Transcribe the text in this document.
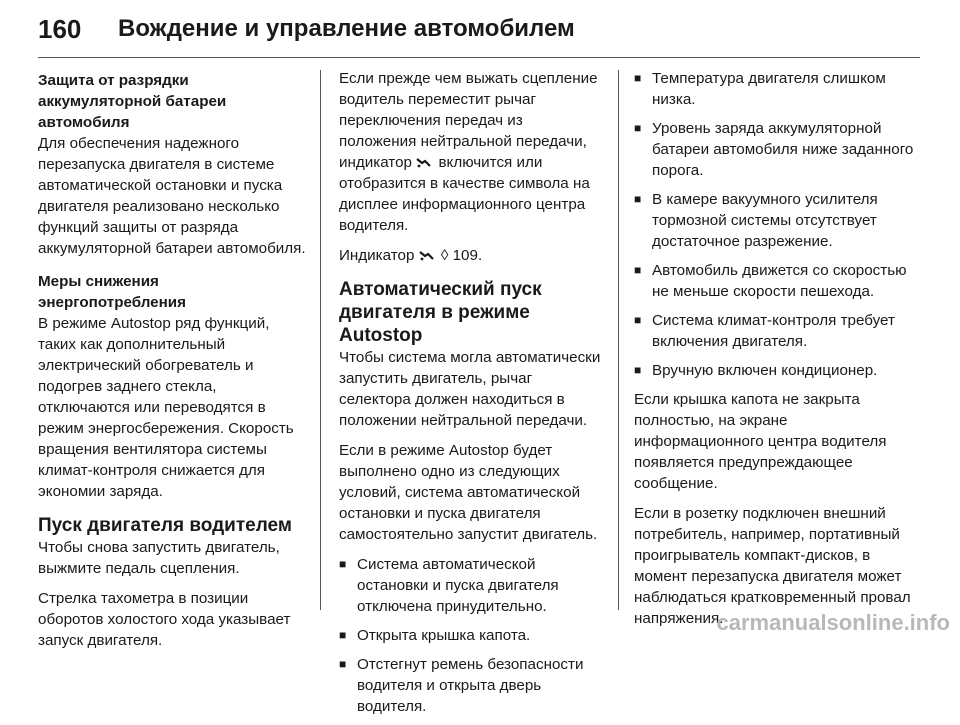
160 Вождение и управление автомобилем

Защита от разрядки аккумуляторной батареи автомобиля

Для обеспечения надежного перезапуска двигателя в системе автоматической остановки и пуска двигателя реализовано несколько функций защиты от разряда аккумуляторной батареи автомобиля.

Меры снижения энергопотребления

В режиме Autostop ряд функций, таких как дополнительный электрический обогреватель и подогрев заднего стекла, отключаются или переводятся в режим энергосбережения. Скорость вращения вентилятора системы климат-контроля снижается для экономии заряда.

Пуск двигателя водителем

Чтобы снова запустить двигатель, выжмите педаль сцепления.

Стрелка тахометра в позиции оборотов холостого хода указывает запуск двигателя.

Если прежде чем выжать сцепление водитель переместит рычаг переключения передач из положения нейтральной передачи, индикатор включится или отобразится в качестве символа на дисплее информационного центра водителя.

Индикатор ◊ 109.

Автоматический пуск двигателя в режиме Autostop

Чтобы система могла автоматически запустить двигатель, рычаг селектора должен находиться в положении нейтральной передачи.

Если в режиме Autostop будет выполнено одно из следующих условий, система автоматической остановки и пуска двигателя самостоятельно запустит двигатель.

■ Система автоматической остановки и пуска двигателя отключена принудительно.
■ Открыта крышка капота.
■ Отстегнут ремень безопасности водителя и открыта дверь водителя.
■ Температура двигателя слишком низка.
■ Уровень заряда аккумуляторной батареи автомобиля ниже заданного порога.
■ В камере вакуумного усилителя тормозной системы отсутствует достаточное разрежение.
■ Автомобиль движется со скоростью не меньше скорости пешехода.
■ Система климат-контроля требует включения двигателя.
■ Вручную включен кондиционер.

Если крышка капота не закрыта полностью, на экране информационного центра водителя появляется предупреждающее сообщение.

Если в розетку подключен внешний потребитель, например, портативный проигрыватель компакт-дисков, в момент перезапуска двигателя может наблюдаться кратковременный провал напряжения.

carmanualsonline.info
